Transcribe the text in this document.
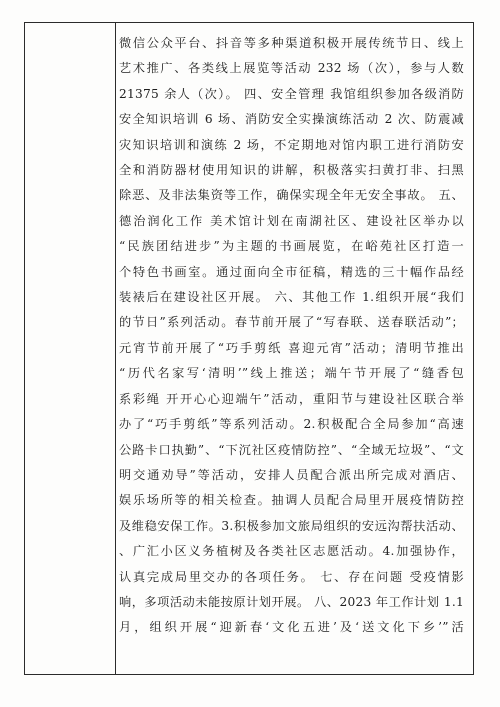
微信公众平台、抖音等多种渠道积极开展传统节日、线上
艺术推广、各类线上展览等活动 232 场（次），参与人数
21375 余人（次）。 四、安全管理 我馆组织参加各级消防
安全知识培训 6 场、消防安全实操演练活动 2 次、防震减
灾知识培训和演练 2 场，不定期地对馆内职工进行消防安
全和消防器材使用知识的讲解，积极落实扫黄打非、扫黑
除恶、及非法集资等工作，确保实现全年无安全事故。 五、
德治润化工作 美术馆计划在南湖社区、建设社区举办以
“民族团结进步”为主题的书画展览，在峪苑社区打造一
个特色书画室。通过面向全市征稿，精选的三十幅作品经
装裱后在建设社区开展。 六、其他工作 1.组织开展“我们
的节日”系列活动。春节前开展了“写春联、送春联活动”；
元宵节前开展了“巧手剪纸 喜迎元宵”活动；清明节推出
“历代名家写‘清明’”线上推送；端午节开展了“缝香包
系彩绳 开开心心迎端午”活动，重阳节与建设社区联合举
办了“巧手剪纸”等系列活动。2.积极配合全局参加“高速
公路卡口执勤”、“下沉社区疫情防控”、“全域无垃圾”、“文
明交通劝导”等活动，安排人员配合派出所完成对酒店、
娱乐场所等的相关检查。抽调人员配合局里开展疫情防控
及维稳安保工作。3.积极参加文旅局组织的安远沟帮扶活动、
、广汇小区义务植树及各类社区志愿活动。4.加强协作，
认真完成局里交办的各项任务。 七、存在问题 受疫情影
响，多项活动未能按原计划开展。 八、2023 年工作计划 1.1
月，组织开展“迎新春‘文化五进’及‘送文化下乡’”活
